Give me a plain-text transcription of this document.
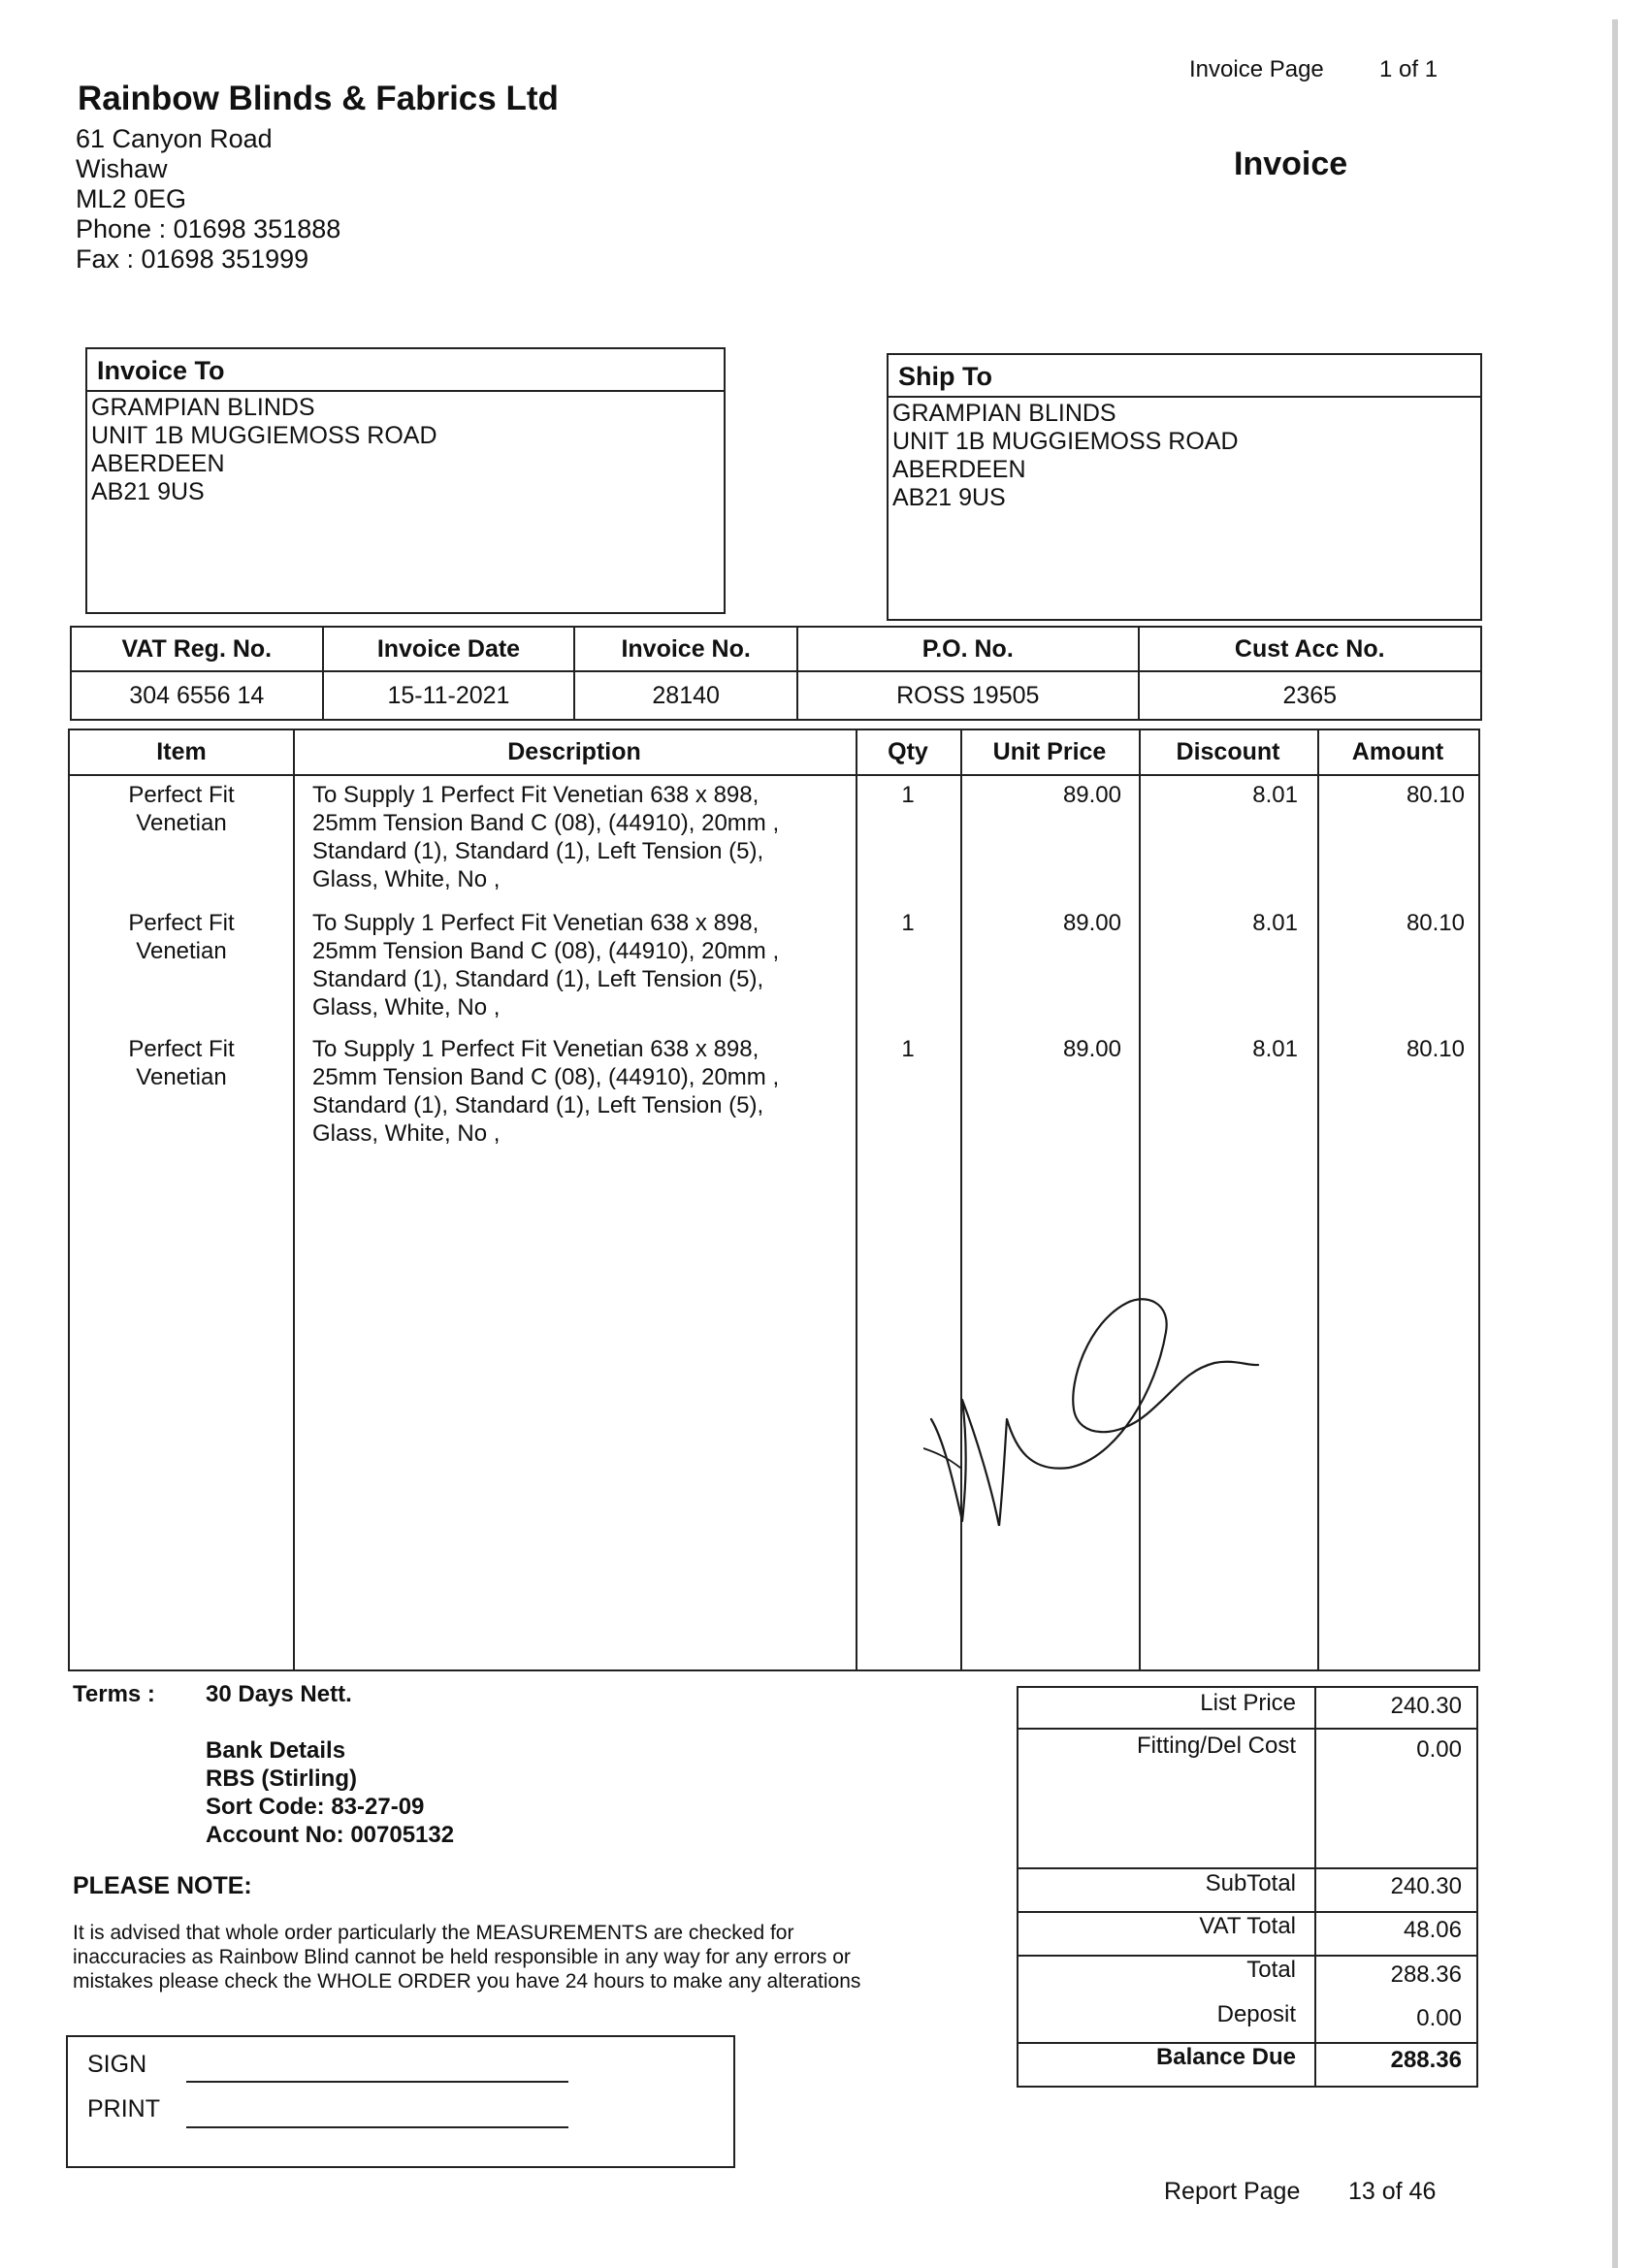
Invoice Page 1 of 1
Rainbow Blinds & Fabrics Ltd
61 Canyon Road
Wishaw
ML2 0EG
Phone : 01698 351888
Fax : 01698 351999
Invoice
Invoice To
GRAMPIAN BLINDS
UNIT 1B MUGGIEMOSS ROAD
ABERDEEN
AB21 9US
Ship To
GRAMPIAN BLINDS
UNIT 1B MUGGIEMOSS ROAD
ABERDEEN
AB21 9US
VAT Reg. No.	Invoice Date	Invoice No.	P.O. No.	Cust Acc No.
304 6556 14	15-11-2021	28140	ROSS 19505	2365
Item	Description	Qty	Unit Price	Discount	Amount
Perfect Fit
Venetian
To Supply 1 Perfect Fit Venetian 638 x 898,
25mm Tension Band C (08), (44910), 20mm ,
Standard (1), Standard (1), Left Tension (5),
Glass, White, No ,
1	89.00	8.01	80.10
Perfect Fit
Venetian
To Supply 1 Perfect Fit Venetian 638 x 898,
25mm Tension Band C (08), (44910), 20mm ,
Standard (1), Standard (1), Left Tension (5),
Glass, White, No ,
1	89.00	8.01	80.10
Perfect Fit
Venetian
To Supply 1 Perfect Fit Venetian 638 x 898,
25mm Tension Band C (08), (44910), 20mm ,
Standard (1), Standard (1), Left Tension (5),
Glass, White, No ,
1	89.00	8.01	80.10
Terms : 30 Days Nett.
Bank Details
RBS (Stirling)
Sort Code: 83-27-09
Account No: 00705132
PLEASE NOTE:
It is advised that whole order particularly the MEASUREMENTS are checked for
inaccuracies as Rainbow Blind cannot be held responsible in any way for any errors or
mistakes please check the WHOLE ORDER you have 24 hours to make any alterations
List Price	240.30
Fitting/Del Cost	0.00
SubTotal	240.30
VAT Total	48.06
Total	288.36
Deposit	0.00
Balance Due	288.36
SIGN
PRINT
Report Page 13 of 46
